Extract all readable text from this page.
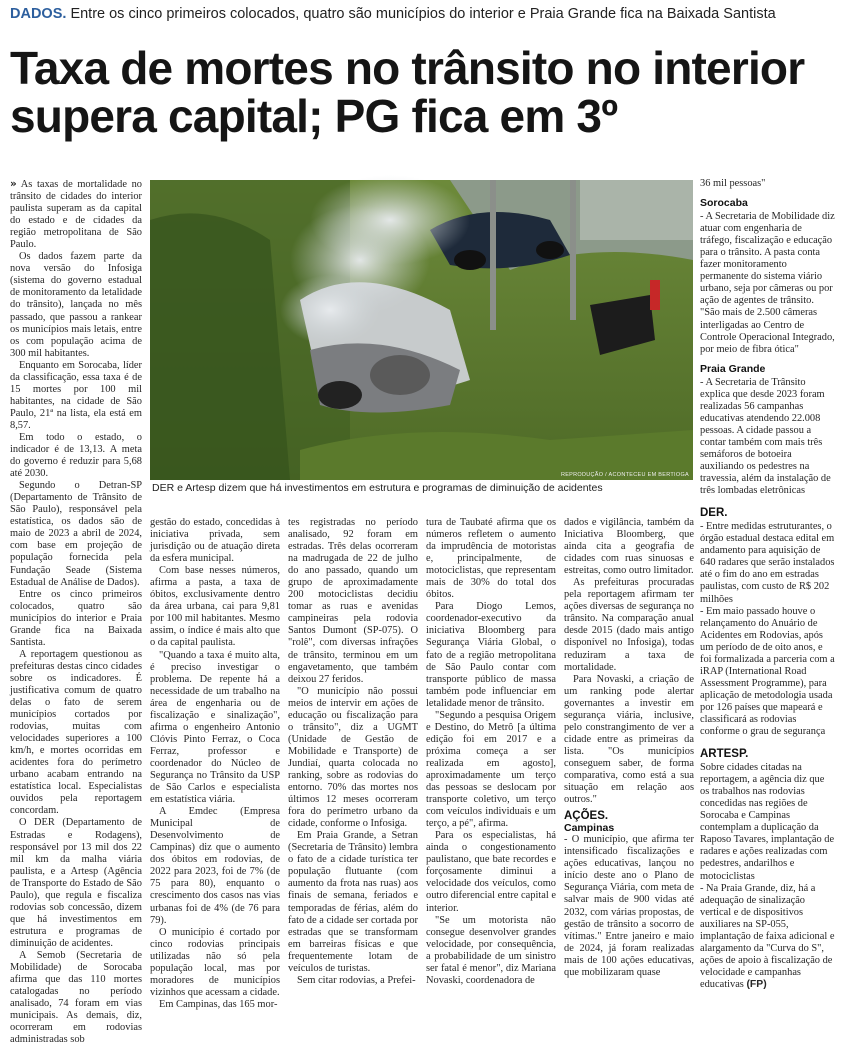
DADOS. Entre os cinco primeiros colocados, quatro são municípios do interior e Praia Grande fica na Baixada Santista
Taxa de mortes no trânsito no interior supera capital; PG fica em 3º

» As taxas de mortalidade no trânsito de cidades do interior paulista superam as da capital do estado e de cidades da região metropolitana de São Paulo.

Os dados fazem parte da nova versão do Infosiga (sistema do governo estadual de monitoramento da letalidade do trânsito), lançada no mês passado, que passou a rankear os municípios mais letais, entre os com população acima de 300 mil habitantes.

Enquanto em Sorocaba, líder da classificação, essa taxa é de 15 mortes por 100 mil habitantes, na cidade de São Paulo, 21ª na lista, ela está em 8,57.

Em todo o estado, o indicador é de 13,13. A meta do governo é reduzir para 5,68 até 2030.

Segundo o Detran-SP (Departamento de Trânsito de São Paulo), responsável pela estatística, os dados são de maio de 2023 a abril de 2024, com base em projeção de população fornecida pela Fundação Seade (Sistema Estadual de Análise de Dados).

Entre os cinco primeiros colocados, quatro são municípios do interior e Praia Grande fica na Baixada Santista.

A reportagem questionou as prefeituras destas cinco cidades sobre os indicadores. É justificativa comum de quatro delas o fato de serem municípios cortados por rodovias, muitas com velocidades superiores a 100 km/h, e mortes ocorridas em acidentes fora do perímetro urbano acabam entrando na estatística local. Especialistas ouvidos pela reportagem concordam.

O DER (Departamento de Estradas e Rodagens), responsável por 13 mil dos 22 mil km da malha viária paulista, e a Artesp (Agência de Transporte do Estado de São Paulo), que regula e fiscaliza rodovias sob concessão, dizem que há investimentos em estrutura e programas de diminuição de acidentes.

A Semob (Secretaria de Mobilidade) de Sorocaba afirma que das 110 mortes catalogadas no período analisado, 74 foram em vias municipais. As demais, diz, ocorreram em rodovias administradas sob

REPRODUÇÃO / ACONTECEU EM BERTIOGA
DER e Artesp dizem que há investimentos em estrutura e programas de diminuição de acidentes

gestão do estado, concedidas à iniciativa privada, sem jurisdição ou de atuação direta da esfera municipal.

Com base nesses números, afirma a pasta, a taxa de óbitos, exclusivamente dentro da área urbana, cai para 9,81 por 100 mil habitantes. Mesmo assim, o índice é mais alto que o da capital paulista.

"Quando a taxa é muito alta, é preciso investigar o problema. De repente há a necessidade de um trabalho na área de engenharia ou de fiscalização e sinalização", afirma o engenheiro Antonio Clóvis Pinto Ferraz, o Coca Ferraz, professor e coordenador do Núcleo de Segurança no Trânsito da USP de São Carlos e especialista em estatística viária.

A Emdec (Empresa Municipal de Desenvolvimento de Campinas) diz que o aumento dos óbitos em rodovias, de 2022 para 2023, foi de 7% (de 75 para 80), enquanto o crescimento dos casos nas vias urbanas foi de 4% (de 76 para 79).

O município é cortado por cinco rodovias principais utilizadas não só pela população local, mas por moradores de municípios vizinhos que acessam a cidade.

Em Campinas, das 165 mor-

tes registradas no período analisado, 92 foram em estradas. Três delas ocorreram na madrugada de 22 de julho do ano passado, quando um grupo de aproximadamente 200 motociclistas decidiu tomar as ruas e avenidas campineiras pela rodovia Santos Dumont (SP-075). O "rolê", com diversas infrações de trânsito, terminou em um engavetamento, que também deixou 27 feridos.

"O município não possui meios de intervir em ações de educação ou fiscalização para o trânsito", diz a UGMT (Unidade de Gestão de Mobilidade e Transporte) de Jundiaí, quarta colocada no ranking, sobre as rodovias do entorno. 70% das mortes nos últimos 12 meses ocorreram fora do perímetro urbano da cidade, conforme o Infosiga.

Em Praia Grande, a Setran (Secretaria de Trânsito) lembra o fato de a cidade turística ter população flutuante (com aumento da frota nas ruas) aos finais de semana, feriados e temporadas de férias, além do fato de a cidade ser cortada por estradas que se transformam em barreiras físicas e que frequentemente lotam de veículos de turistas.

Sem citar rodovias, a Prefei-

tura de Taubaté afirma que os números refletem o aumento da imprudência de motoristas e, principalmente, de motociclistas, que representam mais de 30% do total dos óbitos.

Para Diogo Lemos, coordenador-executivo da iniciativa Bloomberg para Segurança Viária Global, o fato de a região metropolitana de São Paulo contar com transporte público de massa também pode influenciar em letalidade menor de trânsito.

"Segundo a pesquisa Origem e Destino, do Metrô [a última edição foi em 2017 e a próxima começa a ser realizada em agosto], aproximadamente um terço das pessoas se deslocam por transporte coletivo, um terço com veículos individuais e um terço, a pé", afirma.

Para os especialistas, há ainda o congestionamento paulistano, que bate recordes e forçosamente diminui a velocidade dos veículos, como outro diferencial entre capital e interior.

"Se um motorista não consegue desenvolver grandes velocidade, por consequência, a probabilidade de um sinistro ser fatal é menor", diz Mariana Novaski, coordenadora de

dados e vigilância, também da Iniciativa Bloomberg, que ainda cita a geografia de cidades com ruas sinuosas e estreitas, como outro limitador.

As prefeituras procuradas pela reportagem afirmam ter ações diversas de segurança no trânsito. Na comparação anual desde 2015 (dado mais antigo disponível no Infosiga), todas reduziram a taxa de mortalidade.

Para Novaski, a criação de um ranking pode alertar governantes a investir em segurança viária, inclusive, pelo constrangimento de ver a cidade entre as primeiras da lista. "Os municípios conseguem saber, de forma comparativa, como está a sua situação em relação aos outros."

AÇÕES.
Campinas

- O município, que afirma ter intensificado fiscalizações e ações educativas, lançou no início deste ano o Plano de Segurança Viária, com meta de salvar mais de 900 vidas até 2032, com várias propostas, de gestão de trânsito a socorro de vítimas." Entre janeiro e maio de 2024, já foram realizadas mais de 100 ações educativas, que mobilizaram quase

36 mil pessoas"

Sorocaba

- A Secretaria de Mobilidade diz atuar com engenharia de tráfego, fiscalização e educação para o trânsito. A pasta conta fazer monitoramento permanente do sistema viário urbano, seja por câmeras ou por ação de agentes de trânsito. "São mais de 2.500 câmeras interligadas ao Centro de Controle Operacional Integrado, por meio de fibra ótica"

Praia Grande

- A Secretaria de Trânsito explica que desde 2023 foram realizadas 56 campanhas educativas atendendo 22.008 pessoas. A cidade passou a contar também com mais três semáforos de botoeira auxiliando os pedestres na travessia, além da instalação de três lombadas eletrônicas

DER.

- Entre medidas estruturantes, o órgão estadual destaca edital em andamento para aquisição de 640 radares que serão instalados até o fim do ano em estradas paulistas, com custo de R$ 202 milhões

- Em maio passado houve o relançamento do Anuário de Acidentes em Rodovias, após um período de de oito anos, e foi formalizada a parceria com a iRAP (International Road Assessment Programme), para aplicação de metodologia usada por 126 países que mapeará e classificará as rodovias conforme o grau de segurança

ARTESP.

Sobre cidades citadas na reportagem, a agência diz que os trabalhos nas rodovias concedidas nas regiões de Sorocaba e Campinas contemplam a duplicação da Raposo Tavares, implantação de radares e ações realizadas com pedestres, andarilhos e motociclistas

- Na Praia Grande, diz, há a adequação de sinalização vertical e de dispositivos auxiliares na SP-055, implantação de faixa adicional e alargamento da "Curva do S", ações de apoio à fiscalização de velocidade e campanhas educativas (FP)
